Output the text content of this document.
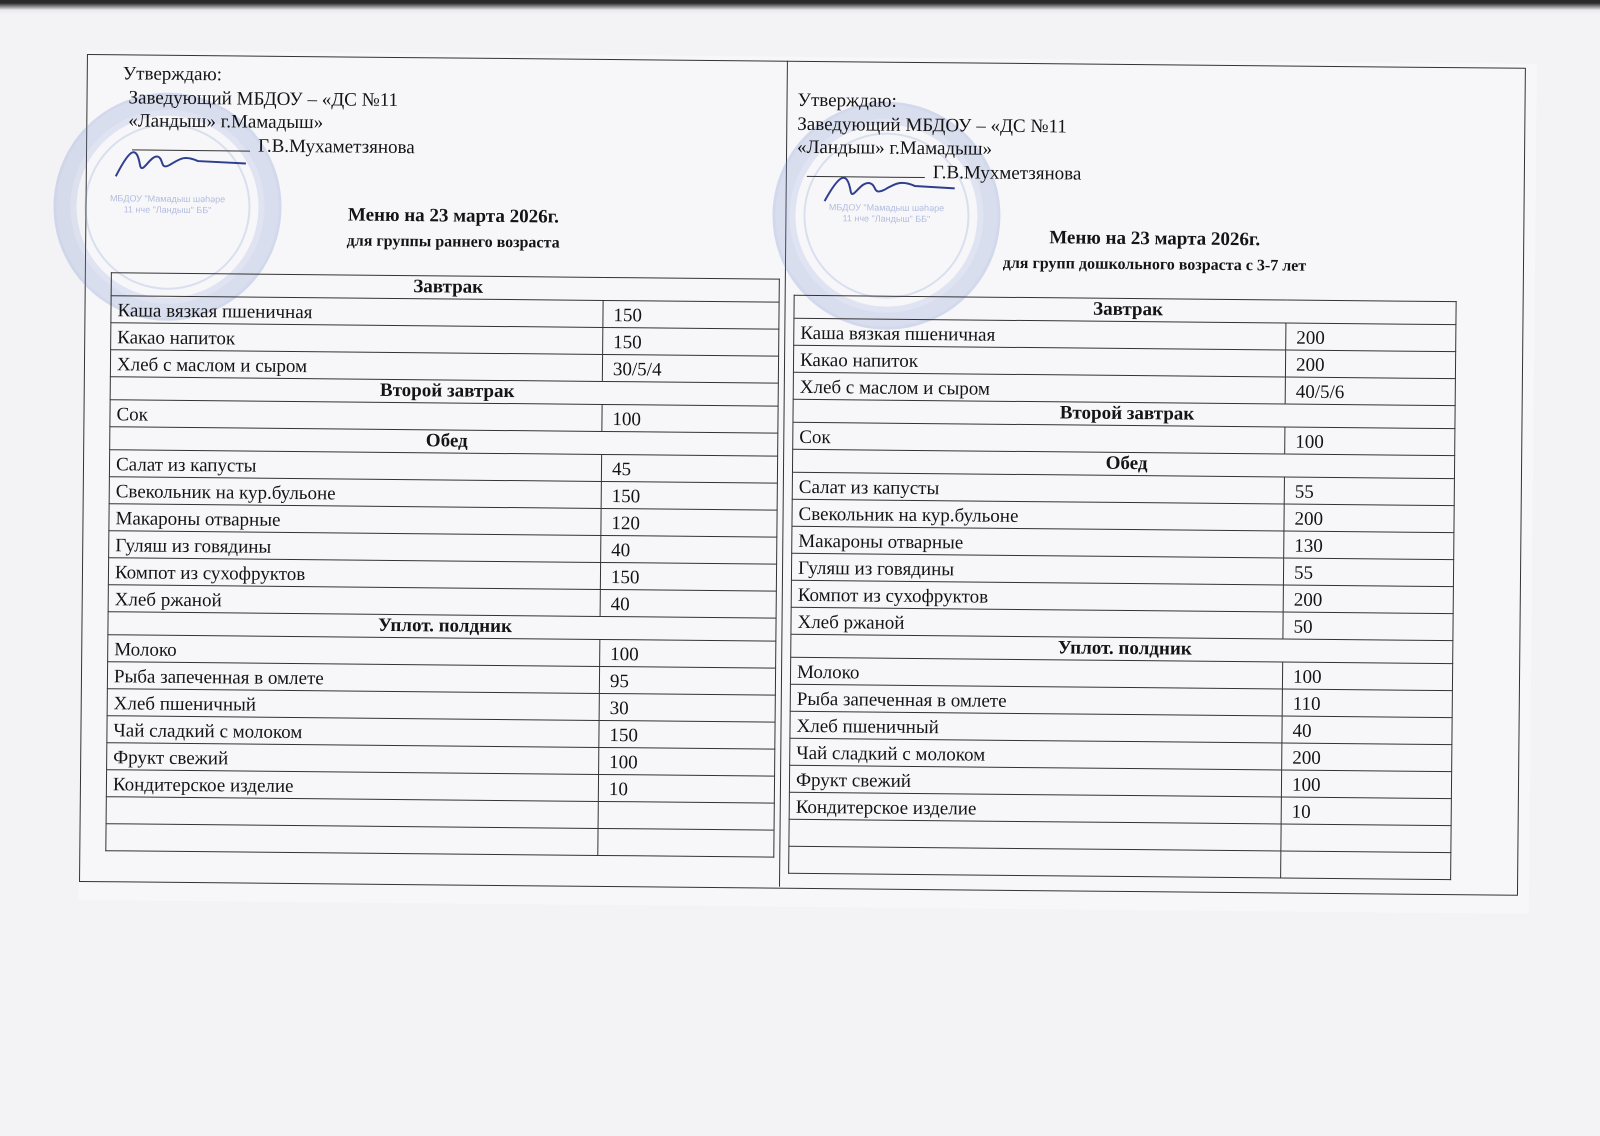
МБДОУ "Мамадыш шәһәре
11 нче "Ландыш" ББ"
Утверждаю:
Заведующий МБДОУ – «ДС №11
«Ландыш» г.Мамадыш»
Г.В.Мухаметзянова
Меню на 23 марта 2026г.
для группы раннего возраста
Завтрак	
Каша вязкая пшеничная	150
Какао напиток	150
Хлеб с маслом и сыром	30/5/4
Второй завтрак	
Сок	100
Обед	
Салат из капусты	45
Свекольник на кур.бульоне	150
Макароны отварные	120
Гуляш из говядины	40
Компот из сухофруктов	150
Хлеб ржаной	40
Уплот. полдник	
Молоко	100
Рыба запеченная в омлете	95
Хлеб пшеничный	30
Чай сладкий с молоком	150
Фрукт свежий	100
Кондитерское изделие	10

МБДОУ "Мамадыш шәһәре
11 нче "Ландыш" ББ"
Утверждаю:
Заведующий МБДОУ – «ДС №11
«Ландыш» г.Мамадыш»
Г.В.Мухметзянова
Меню на 23 марта 2026г.
для групп дошкольного возраста с 3-7 лет
Завтрак	
Каша вязкая пшеничная	200
Какао напиток	200
Хлеб с маслом и сыром	40/5/6
Второй завтрак	
Сок	100
Обед	
Салат из капусты	55
Свекольник на кур.бульоне	200
Макароны отварные	130
Гуляш из говядины	55
Компот из сухофруктов	200
Хлеб ржаной	50
Уплот. полдник	
Молоко	100
Рыба запеченная в омлете	110
Хлеб пшеничный	40
Чай сладкий с молоком	200
Фрукт свежий	100
Кондитерское изделие	10
